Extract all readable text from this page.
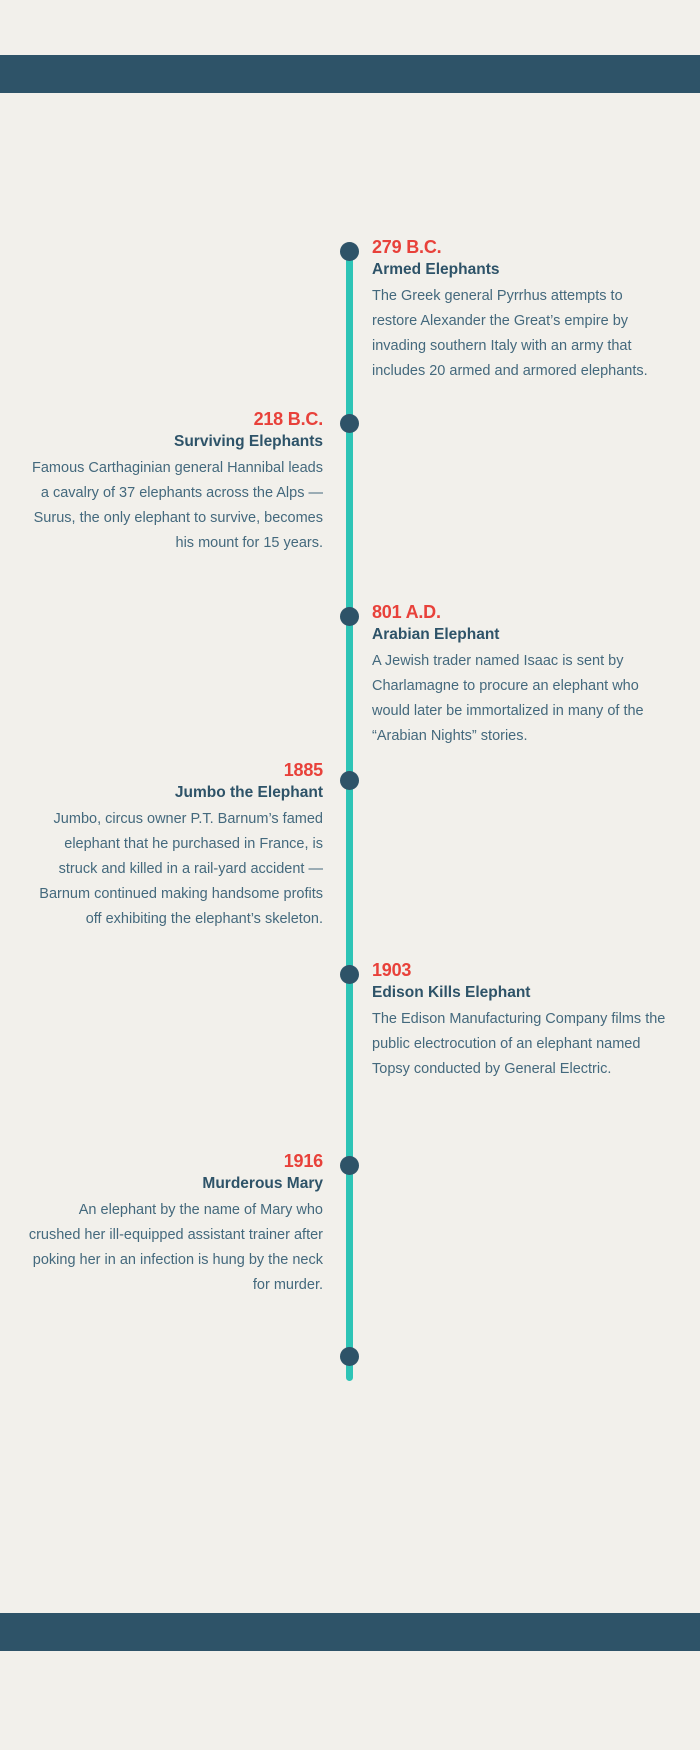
279 B.C.

Armed Elephants

The Greek general Pyrrhus attempts to restore Alexander the Great’s empire by invading southern Italy with an army that includes 20 armed and armored elephants.

218 B.C.

Surviving Elephants

Famous Carthaginian general Hannibal leads a cavalry of 37 elephants across the Alps — Surus, the only elephant to survive, becomes his mount for 15 years.

801 A.D.

Arabian Elephant

A Jewish trader named Isaac is sent by Charlamagne to procure an elephant who would later be immortalized in many of the “Arabian Nights” stories.

1885

Jumbo the Elephant

Jumbo, circus owner P.T. Barnum’s famed elephant that he purchased in France, is struck and killed in a rail-yard accident — Barnum continued making handsome profits off exhibiting the elephant’s skeleton.

1903

Edison Kills Elephant

The Edison Manufacturing Company films the public electrocution of an elephant named Topsy conducted by General Electric.

1916

Murderous Mary

An elephant by the name of Mary who crushed her ill-equipped assistant trainer after poking her in an infection is hung by the neck for murder.
